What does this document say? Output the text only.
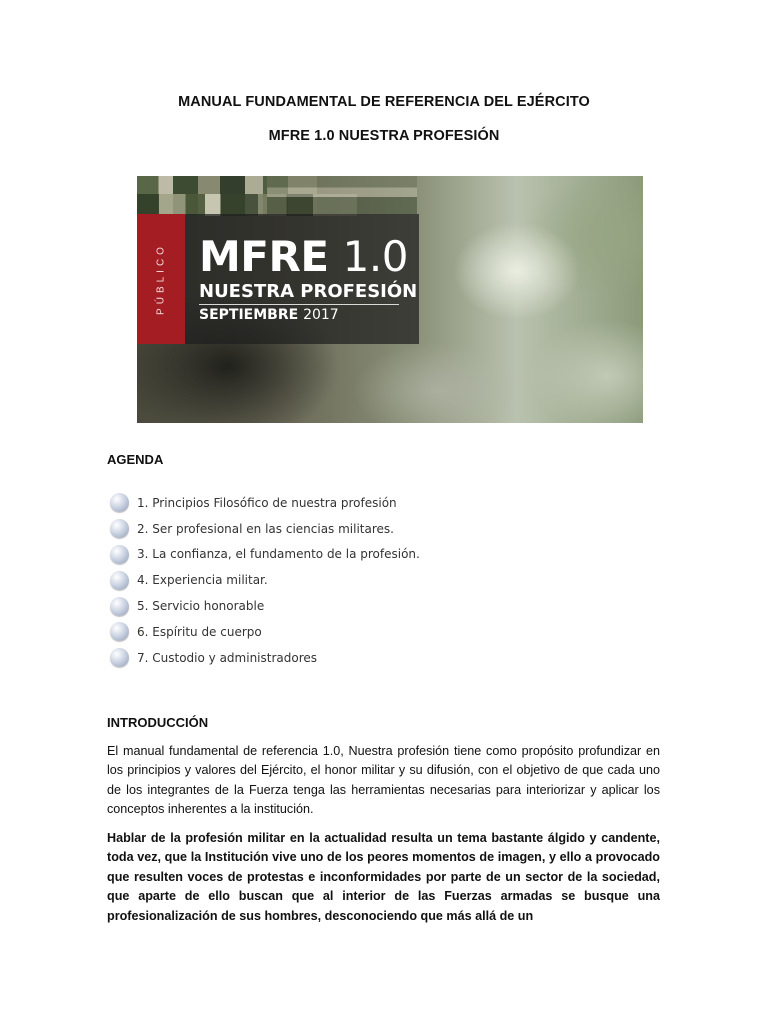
MANUAL FUNDAMENTAL DE REFERENCIA DEL EJÉRCITO
MFRE 1.0 NUESTRA PROFESIÓN
PÚBLICO MFRE 1.0
NUESTRA PROFESIÓN
SEPTIEMBRE 2017
AGENDA
1. Principios Filosófico de nuestra profesión
2. Ser profesional en las ciencias militares.
3. La confianza, el fundamento de la profesión.
4. Experiencia militar.
5. Servicio honorable
6. Espíritu de cuerpo
7. Custodio y administradores
INTRODUCCIÓN

El manual fundamental de referencia 1.0, Nuestra profesión tiene como propósito profundizar en los principios y valores del Ejército, el honor militar y su difusión, con el objetivo de que cada uno de los integrantes de la Fuerza tenga las herramientas necesarias para interiorizar y aplicar los conceptos inherentes a la institución.

Hablar de la profesión militar en la actualidad resulta un tema bastante álgido y candente, toda vez, que la Institución vive uno de los peores momentos de imagen, y ello a provocado que resulten voces de protestas e inconformidades por parte de un sector de la sociedad, que aparte de ello buscan que al interior de las Fuerzas armadas se busque una profesionalización de sus hombres, desconociendo que más allá de un
